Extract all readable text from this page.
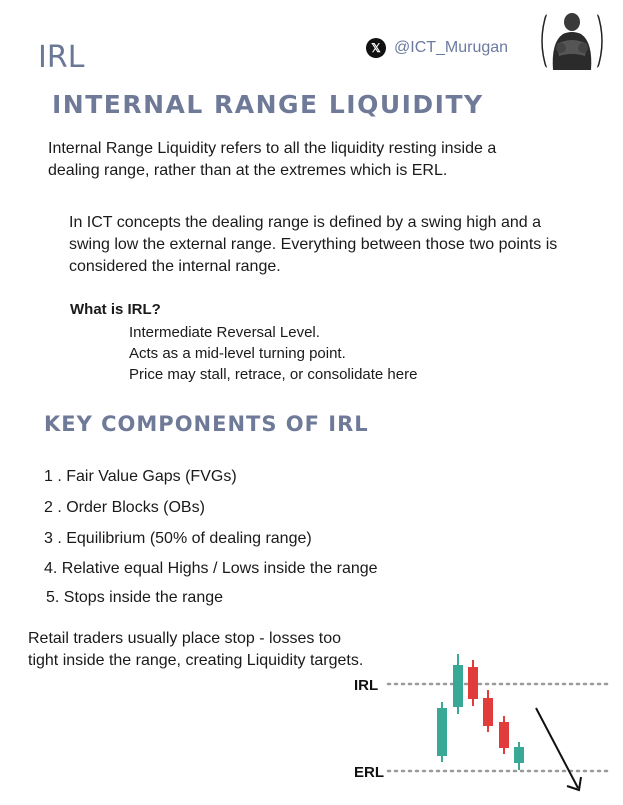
IRL	𝕏 @ICT_Murugan
INTERNAL RANGE LIQUIDITY
Internal Range Liquidity refers to all the liquidity resting inside a dealing range, rather than at the extremes which is ERL.
In ICT concepts the dealing range is defined by a swing high and a swing low the external range. Everything between those two points is considered the internal range.
What is IRL?
Intermediate Reversal Level.
Acts as a mid-level turning point.
Price may stall, retrace, or consolidate here
KEY COMPONENTS OF IRL
1 . Fair Value Gaps (FVGs)
2 . Order Blocks (OBs)
3 . Equilibrium (50% of dealing range)
4. Relative equal Highs / Lows inside the range
5. Stops inside the range
Retail traders usually place stop - losses too tight inside the range, creating Liquidity targets.
IRL
ERL
